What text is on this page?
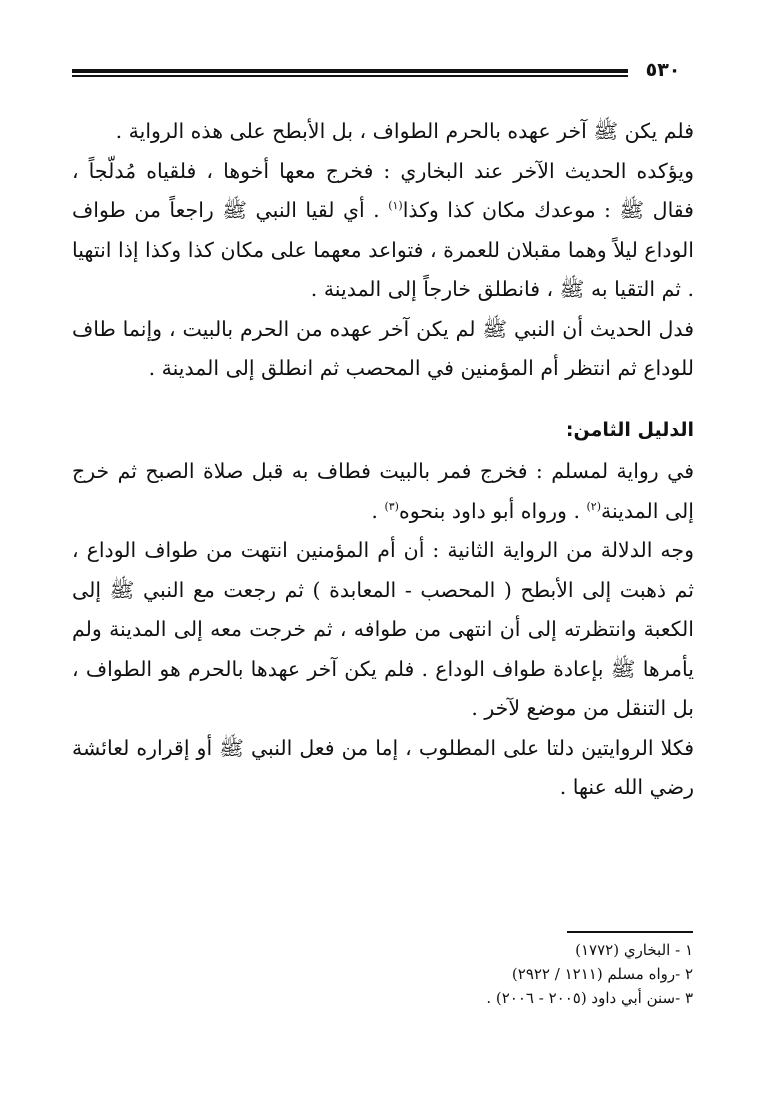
٥٣٠

فلم يكن ﷺ آخر عهده بالحرم الطواف ، بل الأبطح على هذه الرواية .

ويؤكده الحديث الآخر عند البخاري : فخرج معها أخوها ، فلقياه مُدلّجاً ، فقال ﷺ : موعدك مكان كذا وكذا$^{(١)}$ . أي لقيا النبي ﷺ راجعاً من طواف الوداع ليلاً وهما مقبلان للعمرة ، فتواعد معهما على مكان كذا وكذا إذا انتهيا . ثم التقيا به ﷺ ، فانطلق خارجاً إلى المدينة .

فدل الحديث أن النبي ﷺ لم يكن آخر عهده من الحرم بالبيت ، وإنما طاف للوداع ثم انتظر أم المؤمنين في المحصب ثم انطلق إلى المدينة .

الدليل الثامن:

في رواية لمسلم : فخرج فمر بالبيت فطاف به قبل صلاة الصبح ثم خرج إلى المدينة$^{(٢)}$ . ورواه أبو داود بنحوه$^{(٣)}$ .

وجه الدلالة من الرواية الثانية : أن أم المؤمنين انتهت من طواف الوداع ، ثم ذهبت إلى الأبطح ( المحصب - المعابدة ) ثم رجعت مع النبي ﷺ إلى الكعبة وانتظرته إلى أن انتهى من طوافه ، ثم خرجت معه إلى المدينة ولم يأمرها ﷺ بإعادة طواف الوداع . فلم يكن آخر عهدها بالحرم هو الطواف ، بل التنقل من موضع لآخر .

فكلا الروايتين دلتا على المطلوب ، إما من فعل النبي ﷺ أو إقراره لعائشة رضي الله عنها .

١ - البخاري (١٧٧٢)
٢ -رواه مسلم (١٢١١ / ٢٩٢٢)
٣ -سنن أبي داود (٢٠٠٥ - ٢٠٠٦) .
